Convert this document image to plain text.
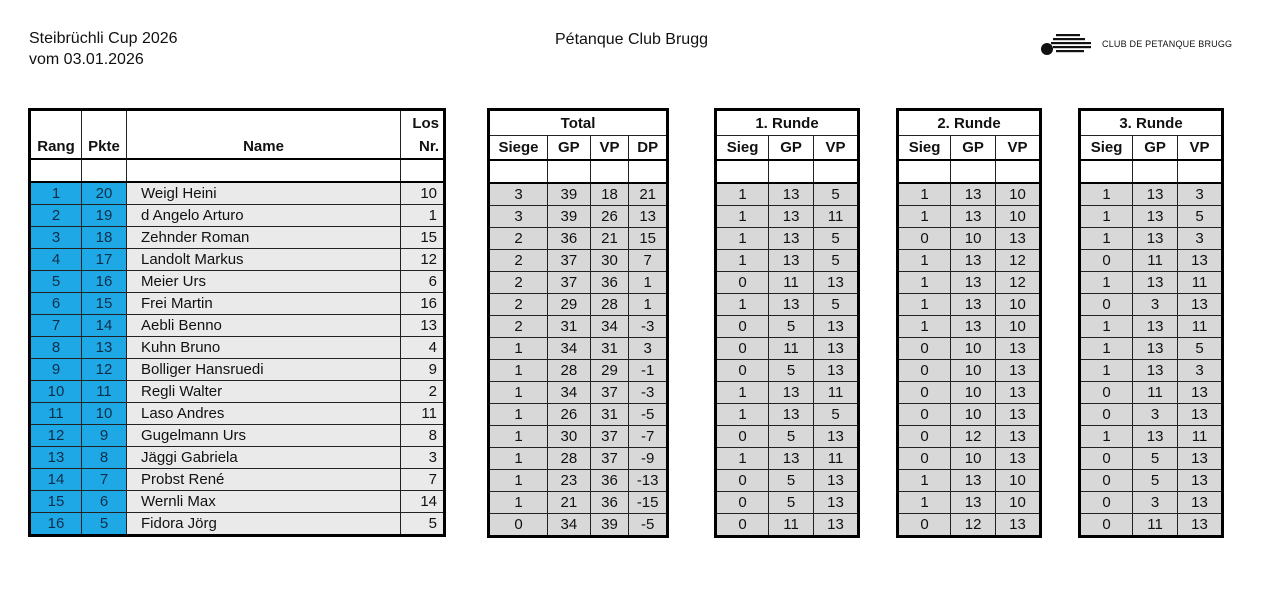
Steibrüchli Cup 2026
vom 03.01.2026
Pétanque Club Brugg	CLUB DE PETANQUE BRUGG
			Los
Rang	Pkte	Name	Nr.

1	20	Weigl Heini	10
2	19	d Angelo Arturo	1
3	18	Zehnder Roman	15
4	17	Landolt Markus	12
5	16	Meier Urs	6
6	15	Frei Martin	16
7	14	Aebli Benno	13
8	13	Kuhn Bruno	4
9	12	Bolliger Hansruedi	9
10	11	Regli Walter	2
11	10	Laso Andres	11
12	9	Gugelmann Urs	8
13	8	Jäggi Gabriela	3
14	7	Probst René	7
15	6	Wernli Max	14
16	5	Fidora Jörg	5
Total			
Siege	GP	VP	DP

3	39	18	21
3	39	26	13
2	36	21	15
2	37	30	7
2	37	36	1
2	29	28	1
2	31	34	-3
1	34	31	3
1	28	29	-1
1	34	37	-3
1	26	31	-5
1	30	37	-7
1	28	37	-9
1	23	36	-13
1	21	36	-15
0	34	39	-5
1. Runde		
Sieg	GP	VP

1	13	5
1	13	11
1	13	5
1	13	5
0	11	13
1	13	5
0	5	13
0	11	13
0	5	13
1	13	11
1	13	5
0	5	13
1	13	11
0	5	13
0	5	13
0	11	13
2. Runde		
Sieg	GP	VP

1	13	10
1	13	10
0	10	13
1	13	12
1	13	12
1	13	10
1	13	10
0	10	13
0	10	13
0	10	13
0	10	13
0	12	13
0	10	13
1	13	10
1	13	10
0	12	13
3. Runde		
Sieg	GP	VP

1	13	3
1	13	5
1	13	3
0	11	13
1	13	11
0	3	13
1	13	11
1	13	5
1	13	3
0	11	13
0	3	13
1	13	11
0	5	13
0	5	13
0	3	13
0	11	13
